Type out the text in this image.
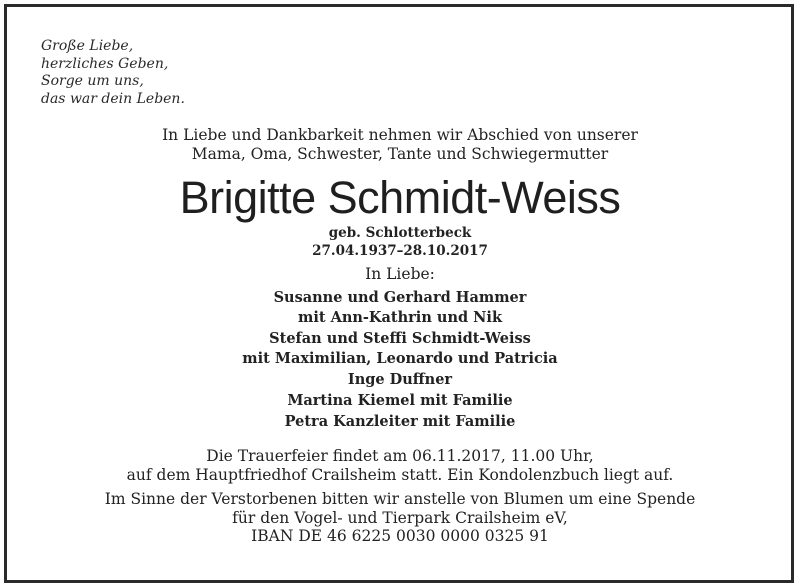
Große Liebe,
herzliches Geben,
Sorge um uns,
das war dein Leben.
In Liebe und Dankbarkeit nehmen wir Abschied von unserer
Mama, Oma, Schwester, Tante und Schwiegermutter
Brigitte Schmidt-Weiss
geb. Schlotterbeck
27.04.1937–28.10.2017
In Liebe:
Susanne und Gerhard Hammer
mit Ann-Kathrin und Nik
Stefan und Steffi Schmidt-Weiss
mit Maximilian, Leonardo und Patricia
Inge Duffner
Martina Kiemel mit Familie
Petra Kanzleiter mit Familie
Die Trauerfeier findet am 06.11.2017, 11.00 Uhr,
auf dem Hauptfriedhof Crailsheim statt. Ein Kondolenzbuch liegt auf.
Im Sinne der Verstorbenen bitten wir anstelle von Blumen um eine Spende
für den Vogel- und Tierpark Crailsheim eV,
IBAN DE 46 6225 0030 0000 0325 91
